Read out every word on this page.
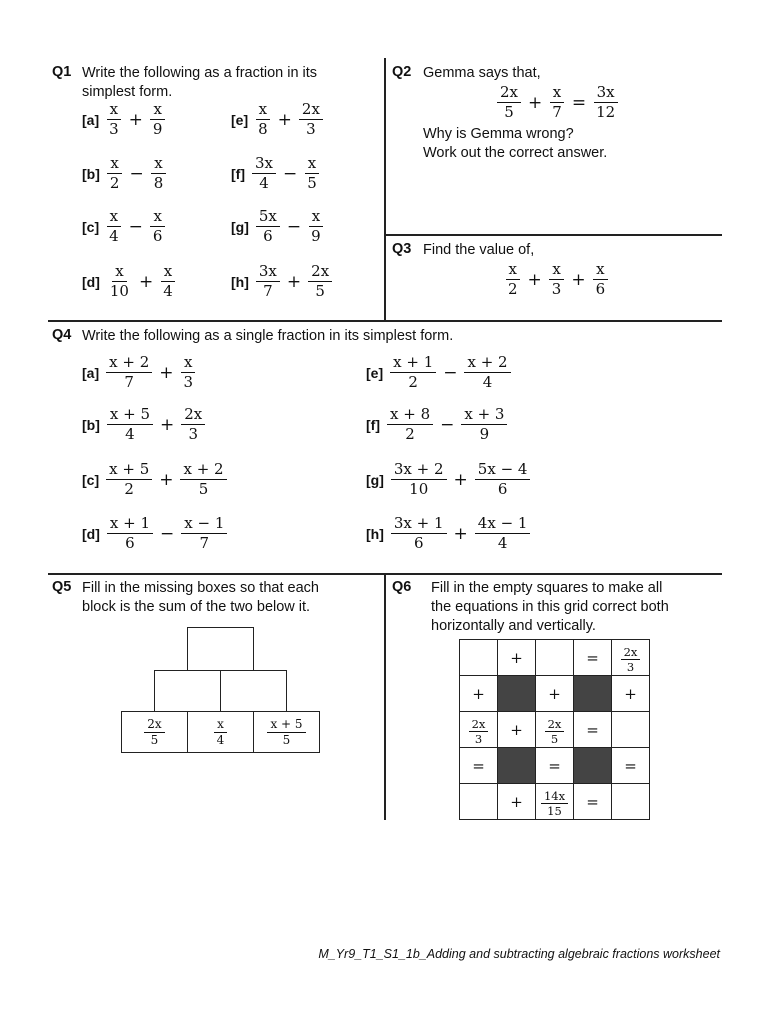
Q1 Write the following as a fraction in its
simplest form.
$[a] \frac{x}{3} + \frac{x}{9}$
$[b] \frac{x}{2} - \frac{x}{8}$
$[c] \frac{x}{4} - \frac{x}{6}$
$[d] \frac{x}{10} + \frac{x}{4}$
$[e] \frac{x}{8} + \frac{2x}{3}$
$[f] \frac{3x}{4} - \frac{x}{5}$
$[g] \frac{5x}{6} - \frac{x}{9}$
$[h] \frac{3x}{7} + \frac{2x}{5}$
Q2 Gemma says that,
$\frac{2x}{5} + \frac{x}{7} = \frac{3x}{12}$
Why is Gemma wrong?
Work out the correct answer.
Q3 Find the value of,
$\frac{x}{2} + \frac{x}{3} + \frac{x}{6}$
Q4 Write the following as a single fraction in its simplest form.
$[a] \frac{x + 2}{7} + \frac{x}{3}$
$[b] \frac{x + 5}{4} + \frac{2x}{3}$
$[c] \frac{x + 5}{2} + \frac{x + 2}{5}$
$[d] \frac{x + 1}{6} - \frac{x - 1}{7}$
$[e] \frac{x + 1}{2} - \frac{x + 2}{4}$
$[f] \frac{x + 8}{2} - \frac{x + 3}{9}$
$[g] \frac{3x + 2}{10} + \frac{5x - 4}{6}$
$[h] \frac{3x + 1}{6} + \frac{4x - 1}{4}$
Q5 Fill in the missing boxes so that each
block is the sum of the two below it.
$\frac{2x}{5}$	$\frac{x}{4}$	$\frac{x + 5}{5}$
Q6 Fill in the empty squares to make all
the equations in this grid correct both
horizontally and vertically.
	+		=	$\frac{2x}{3}$

+		+		+

$\frac{2x}{3}$	+	$\frac{2x}{5}$	=	
=		=		=
	+	$\frac{14x}{15}$	=	
M_Yr9_T1_S1_1b_Adding and subtracting algebraic fractions worksheet
